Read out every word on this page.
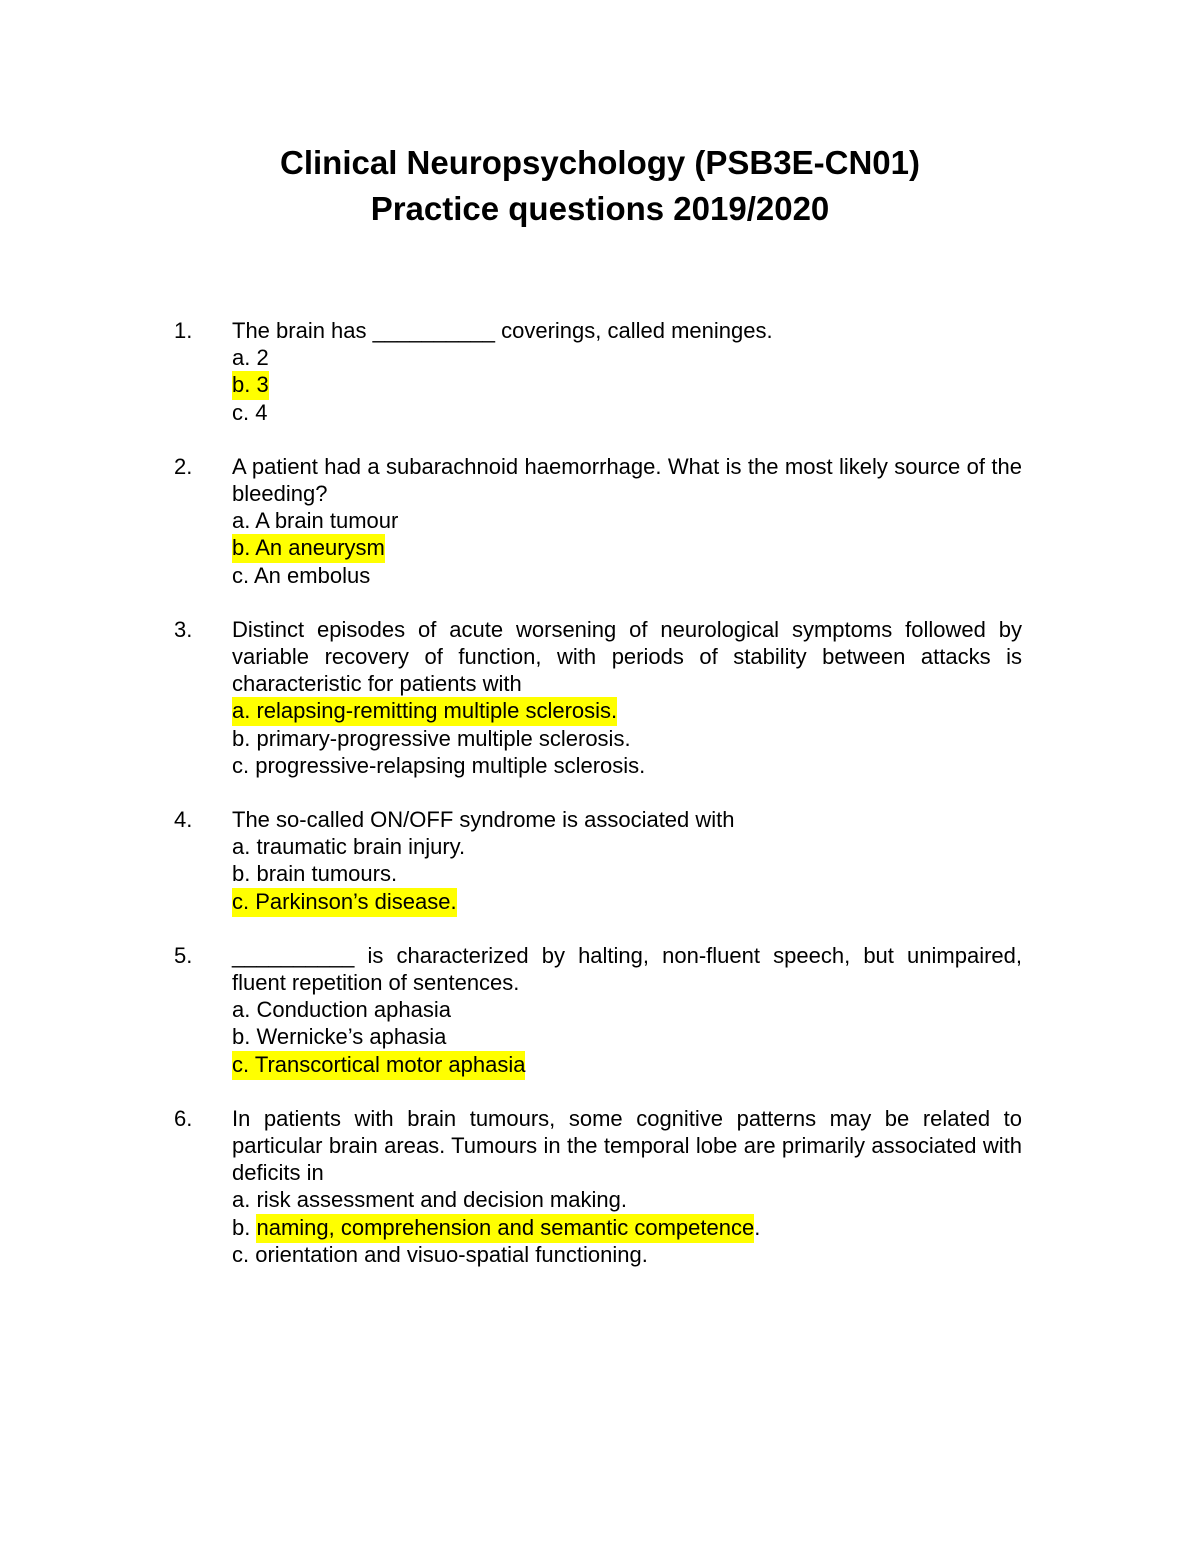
Clinical Neuropsychology (PSB3E-CN01)
Practice questions 2019/2020
1.	The brain has __________ coverings, called meninges.
a. 2
b. 3
c. 4
2.	A patient had a subarachnoid haemorrhage. What is the most likely source of the bleeding?
a. A brain tumour
b. An aneurysm
c. An embolus
3.	Distinct episodes of acute worsening of neurological symptoms followed by variable recovery of function, with periods of stability between attacks is characteristic for patients with
a. relapsing-remitting multiple sclerosis.
b. primary-progressive multiple sclerosis.
c. progressive-relapsing multiple sclerosis.
4.	The so-called ON/OFF syndrome is associated with
a. traumatic brain injury.
b. brain tumours.
c. Parkinson’s disease.
5.	__________ is characterized by halting, non-fluent speech, but unimpaired, fluent repetition of sentences.
a. Conduction aphasia
b. Wernicke’s aphasia
c. Transcortical motor aphasia
6.	In patients with brain tumours, some cognitive patterns may be related to particular brain areas. Tumours in the temporal lobe are primarily associated with deficits in
a. risk assessment and decision making.
b. naming, comprehension and semantic competence.
c. orientation and visuo-spatial functioning.
